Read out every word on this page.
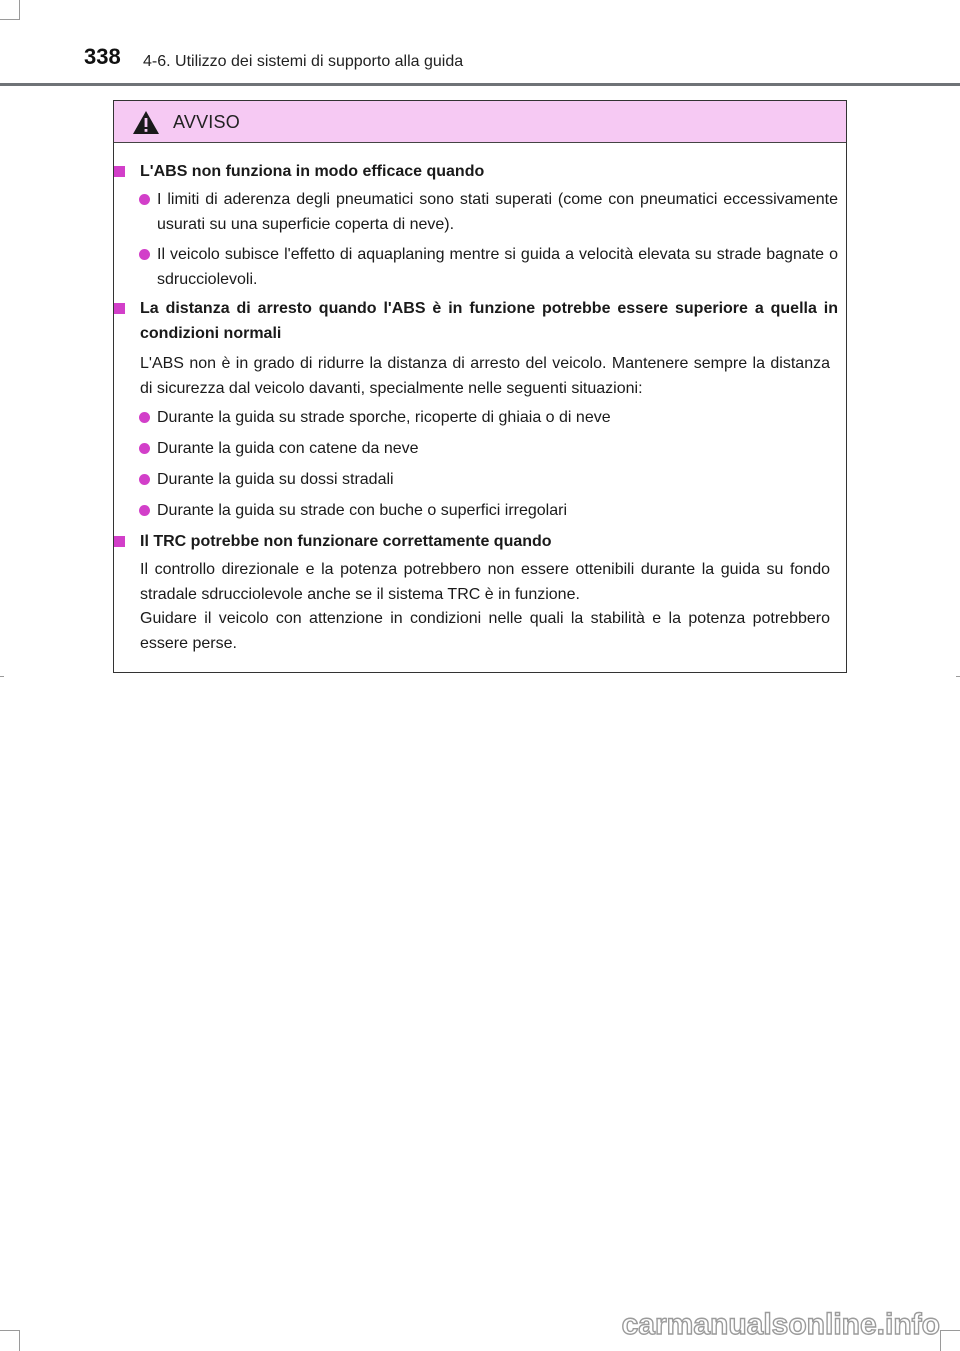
338 4-6. Utilizzo dei sistemi di supporto alla guida
AVVISO
L'ABS non funziona in modo efficace quando
I limiti di aderenza degli pneumatici sono stati superati (come con pneumatici eccessivamente usurati su una superficie coperta di neve).
Il veicolo subisce l'effetto di aquaplaning mentre si guida a velocità elevata su strade bagnate o sdrucciolevoli.
La distanza di arresto quando l'ABS è in funzione potrebbe essere superiore a quella in condizioni normali
L'ABS non è in grado di ridurre la distanza di arresto del veicolo. Mantenere sempre la distanza di sicurezza dal veicolo davanti, specialmente nelle seguenti situazioni:
Durante la guida su strade sporche, ricoperte di ghiaia o di neve
Durante la guida con catene da neve
Durante la guida su dossi stradali
Durante la guida su strade con buche o superfici irregolari
Il TRC potrebbe non funzionare correttamente quando
Il controllo direzionale e la potenza potrebbero non essere ottenibili durante la guida su fondo stradale sdrucciolevole anche se il sistema TRC è in funzione.
Guidare il veicolo con attenzione in condizioni nelle quali la stabilità e la potenza potrebbero essere perse.
carmanualsonline.info
